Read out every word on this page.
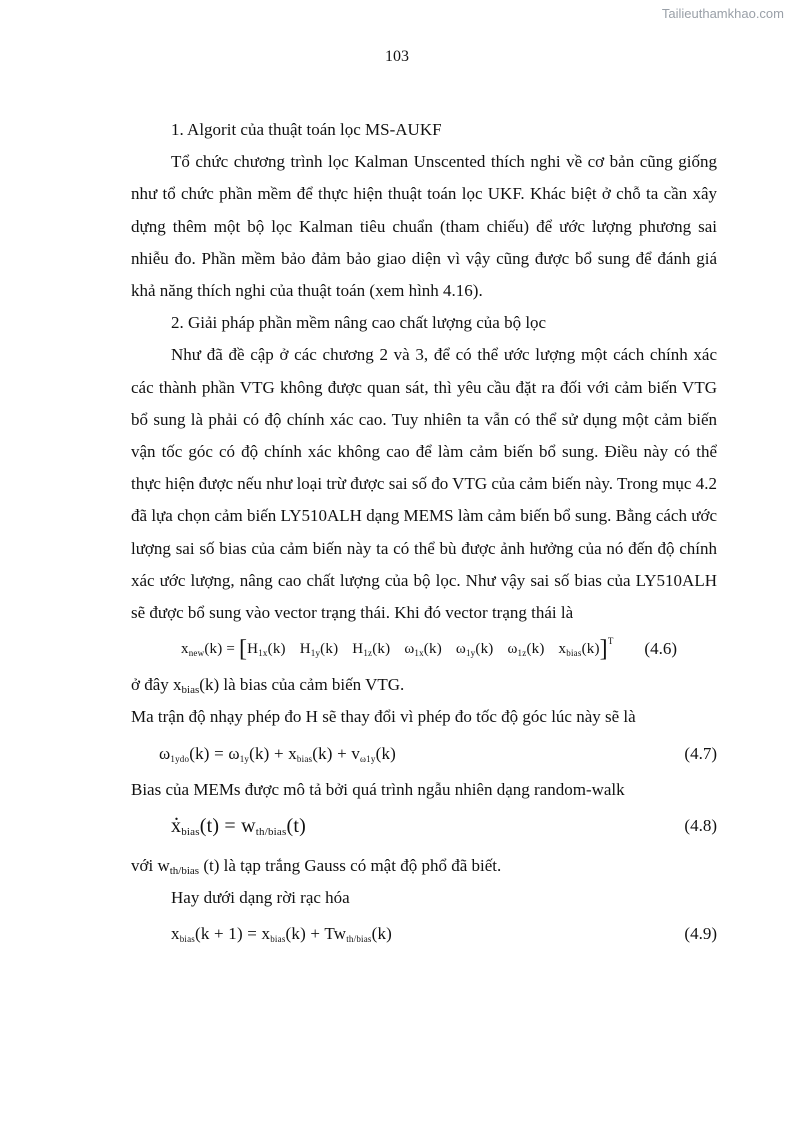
Tailieuthamkhao.com
103

1. Algorit của thuật toán lọc MS-AUKF

Tổ chức chương trình lọc Kalman Unscented thích nghi về cơ bản cũng giống như tổ chức phần mềm để thực hiện thuật toán lọc UKF. Khác biệt ở chỗ ta cần xây dựng thêm một bộ lọc Kalman tiêu chuẩn (tham chiếu) để ước lượng phương sai nhiễu đo. Phần mềm bảo đảm bảo giao diện vì vậy cũng được bổ sung để đánh giá khả năng thích nghi của thuật toán (xem hình 4.16).

2. Giải pháp phần mềm nâng cao chất lượng của bộ lọc

Như đã đề cập ở các chương 2 và 3, để có thể ước lượng một cách chính xác các thành phần VTG không được quan sát, thì yêu cầu đặt ra đối với cảm biến VTG bổ sung là phải có độ chính xác cao. Tuy nhiên ta vẫn có thể sử dụng một cảm biến vận tốc góc có độ chính xác không cao để làm cảm biến bổ sung. Điều này có thể thực hiện được nếu như loại trừ được sai số đo VTG của cảm biến này. Trong mục 4.2 đã lựa chọn cảm biến LY510ALH dạng MEMS làm cảm biến bổ sung. Bằng cách ước lượng sai số bias của cảm biến này ta có thể bù được ảnh hưởng của nó đến độ chính xác ước lượng, nâng cao chất lượng của bộ lọc. Như vậy sai số bias của LY510ALH sẽ được bổ sung vào vector trạng thái. Khi đó vector trạng thái là

$x_{new}(k) = [H_{1x}(k)$ $H_{1y}(k)$ $H_{1z}(k)$ $\omega_{1x}(k)$ $\omega_{1y}(k)$ $\omega_{1z}(k)$ $x_{bias}(k)]^T$ (4.6)

ở đây $x_{bias}(k)$ là bias của cảm biến VTG.

Ma trận độ nhạy phép đo H sẽ thay đổi vì phép đo tốc độ góc lúc này sẽ là

$\omega_{1ydo}(k) = \omega_{1y}(k) + x_{bias}(k) + v_{\omega 1y}(k)$	(4.7)

Bias của MEMs được mô tả bởi quá trình ngẫu nhiên dạng random-walk

. $x_{bias}(t) = w_{th/bias}(t)$	(4.8)

với $w_{th/bias}$ (t) là tạp trắng Gauss có mật độ phổ đã biết.

Hay dưới dạng rời rạc hóa

$x_{bias}(k + 1) = x_{bias}(k) + Tw_{th/bias}(k)$	(4.9)
